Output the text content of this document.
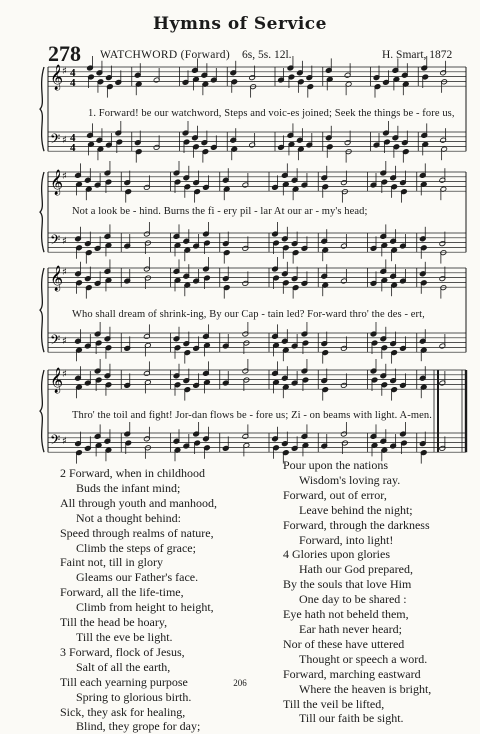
Hymns of Service
278 WATCHWORD (Forward) 6s, 5s. 12l.	H. Smart, 1872
𝄞
♯ 4
4
𝄢 ♯ 4
4
𝄞
♯
𝄢 ♯
𝄞
♯
𝄢 ♯
𝄞
♯
𝄢 ♯
1. Forward! be our watchword, Steps and voic-es joined; Seek the things be - fore us,
Not a look be - hind. Burns the fi - ery pil - lar At our ar - my's head;
Who shall dream of shrink-ing, By our Cap - tain led? For-ward thro' the des - ert,
Thro' the toil and fight! Jor-dan flows be - fore us; Zi - on beams with light. A-men.
2 Forward, when in childhood
Buds the infant mind;
All through youth and manhood,
Not a thought behind:
Speed through realms of nature,
Climb the steps of grace;
Faint not, till in glory
Gleams our Father's face.
Forward, all the life-time,
Climb from height to height,
Till the head be hoary,
Till the eve be light.
3 Forward, flock of Jesus,
Salt of all the earth,
Till each yearning purpose
Spring to glorious birth.
Sick, they ask for healing,
Blind, they grope for day;
Pour upon the nations
Wisdom's loving ray.
Forward, out of error,
Leave behind the night;
Forward, through the darkness
Forward, into light!
4 Glories upon glories
Hath our God prepared,
By the souls that love Him
One day to be shared :
Eye hath not beheld them,
Ear hath never heard;
Nor of these have uttered
Thought or speech a word.
Forward, marching eastward
Where the heaven is bright,
Till the veil be lifted,
Till our faith be sight.
206
